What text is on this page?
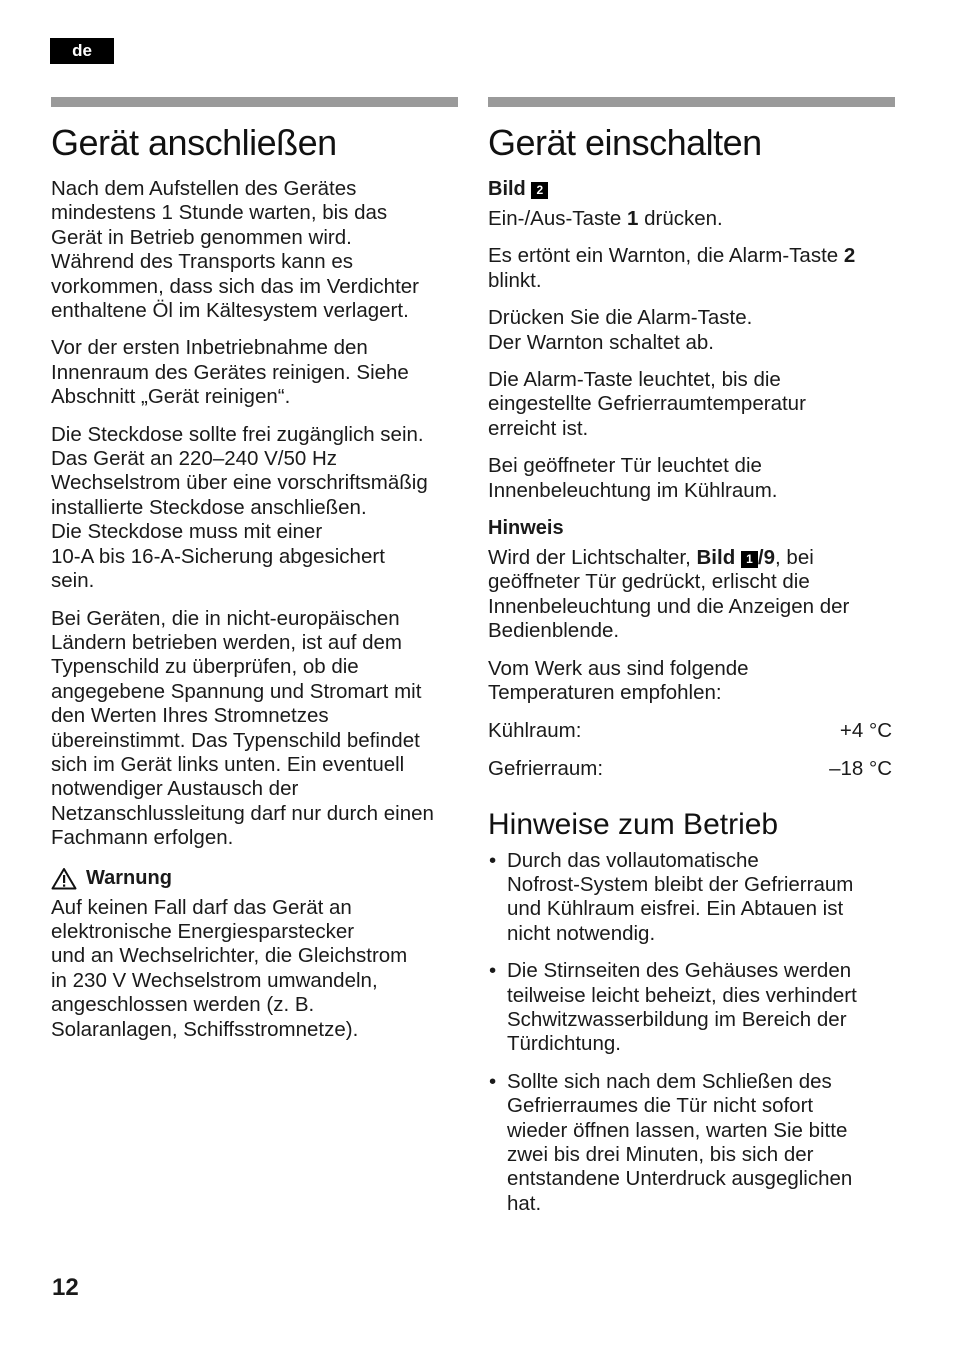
de
Gerät anschließen

Nach dem Aufstellen des Gerätes
mindestens 1 Stunde warten, bis das
Gerät in Betrieb genommen wird.
Während des Transports kann es
vorkommen, dass sich das im Verdichter
enthaltene Öl im Kältesystem verlagert.

Vor der ersten Inbetriebnahme den
Innenraum des Gerätes reinigen. Siehe
Abschnitt „Gerät reinigen“.

Die Steckdose sollte frei zugänglich sein.
Das Gerät an 220–240 V/50 Hz
Wechselstrom über eine vorschriftsmäßig
installierte Steckdose anschließen.
Die Steckdose muss mit einer
10-A bis 16-A-Sicherung abgesichert
sein.

Bei Geräten, die in nicht-europäischen
Ländern betrieben werden, ist auf dem
Typenschild zu überprüfen, ob die
angegebene Spannung und Stromart mit
den Werten Ihres Stromnetzes
übereinstimmt. Das Typenschild befindet
sich im Gerät links unten. Ein eventuell
notwendiger Austausch der
Netzanschlussleitung darf nur durch einen
Fachmann erfolgen.

Warnung

Auf keinen Fall darf das Gerät an
elektronische Energiesparstecker
und an Wechselrichter, die Gleichstrom
in 230 V Wechselstrom umwandeln,
angeschlossen werden (z. B.
Solaranlagen, Schiffsstromnetze).

Gerät einschalten
Bild 2

Ein-/Aus-Taste 1 drücken.

Es ertönt ein Warnton, die Alarm-Taste 2
blinkt.

Drücken Sie die Alarm-Taste.
Der Warnton schaltet ab.

Die Alarm-Taste leuchtet, bis die
eingestellte Gefrierraumtemperatur
erreicht ist.

Bei geöffneter Tür leuchtet die
Innenbeleuchtung im Kühlraum.

Hinweis

Wird der Lichtschalter, Bild 1 /9, bei
geöffneter Tür gedrückt, erlischt die
Innenbeleuchtung und die Anzeigen der
Bedienblende.

Vom Werk aus sind folgende
Temperaturen empfohlen:

Kühlraum:	+4 °C
Gefrierraum:	–18 °C
Hinweise zum Betrieb
• Durch das vollautomatische
Nofrost-System bleibt der Gefrierraum
und Kühlraum eisfrei. Ein Abtauen ist
nicht notwendig.
• Die Stirnseiten des Gehäuses werden
teilweise leicht beheizt, dies verhindert
Schwitzwasserbildung im Bereich der
Türdichtung.
• Sollte sich nach dem Schließen des
Gefrierraumes die Tür nicht sofort
wieder öffnen lassen, warten Sie bitte
zwei bis drei Minuten, bis sich der
entstandene Unterdruck ausgeglichen
hat.
12
